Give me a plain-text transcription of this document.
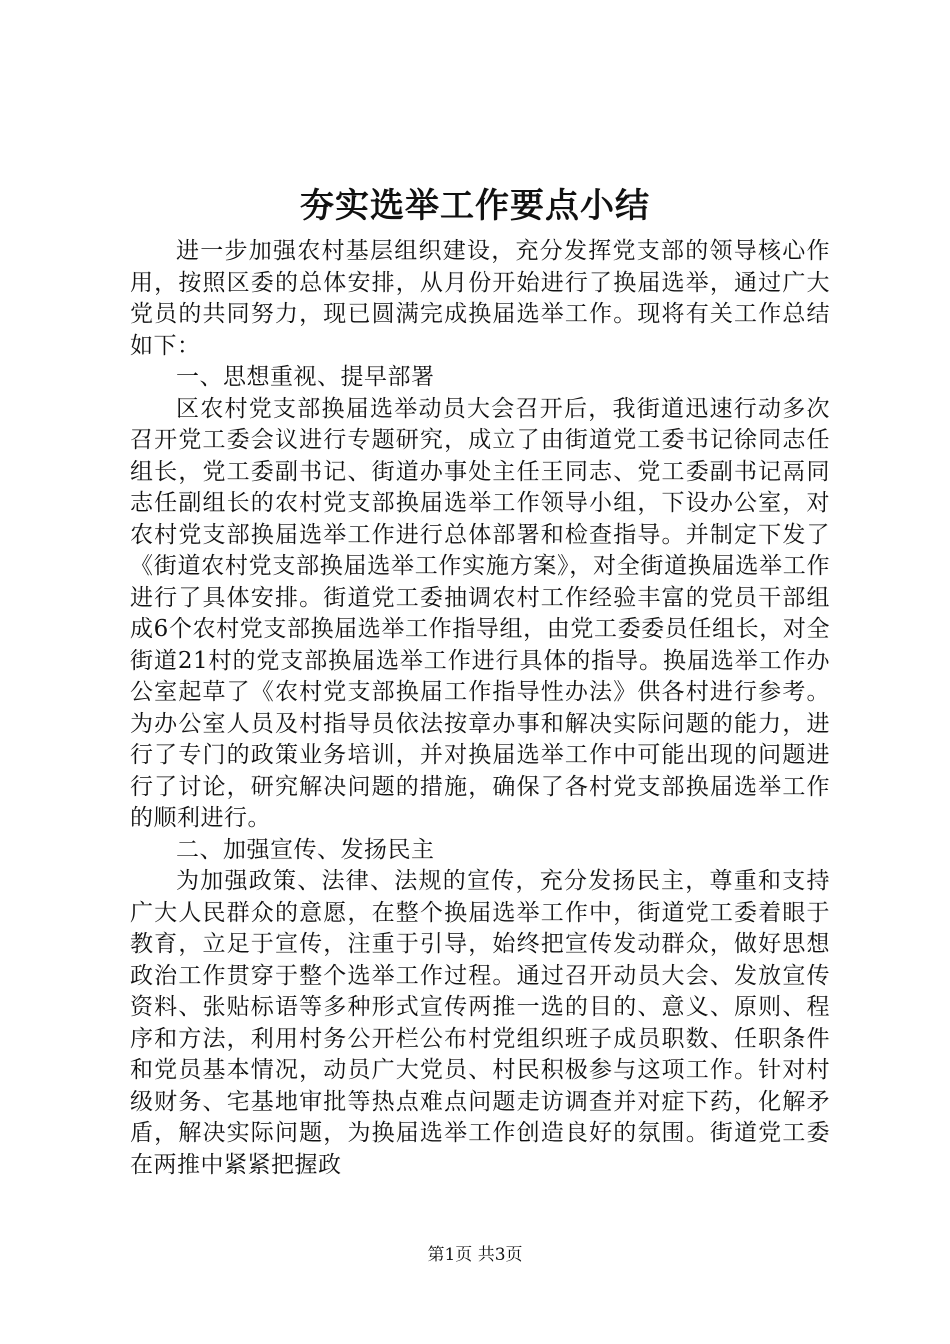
夯实选举工作要点小结

进一步加强农村基层组织建设，充分发挥党支部的领导核心作用，按照区委的总体安排，从月份开始进行了换届选举，通过广大党员的共同努力，现已圆满完成换届选举工作。现将有关工作总结如下：

一、思想重视、提早部署

区农村党支部换届选举动员大会召开后，我街道迅速行动多次召开党工委会议进行专题研究，成立了由街道党工委书记徐同志任组长，党工委副书记、街道办事处主任王同志、党工委副书记鬲同志任副组长的农村党支部换届选举工作领导小组，下设办公室，对农村党支部换届选举工作进行总体部署和检查指导。并制定下发了《街道农村党支部换届选举工作实施方案》，对全街道换届选举工作进行了具体安排。街道党工委抽调农村工作经验丰富的党员干部组成6个农村党支部换届选举工作指导组，由党工委委员任组长，对全街道21村的党支部换届选举工作进行具体的指导。换届选举工作办公室起草了《农村党支部换届工作指导性办法》供各村进行参考。为办公室人员及村指导员依法按章办事和解决实际问题的能力，进行了专门的政策业务培训，并对换届选举工作中可能出现的问题进行了讨论，研究解决问题的措施，确保了各村党支部换届选举工作的顺利进行。

二、加强宣传、发扬民主

为加强政策、法律、法规的宣传，充分发扬民主，尊重和支持广大人民群众的意愿，在整个换届选举工作中，街道党工委着眼于教育，立足于宣传，注重于引导，始终把宣传发动群众，做好思想政治工作贯穿于整个选举工作过程。通过召开动员大会、发放宣传资料、张贴标语等多种形式宣传两推一选的目的、意义、原则、程序和方法，利用村务公开栏公布村党组织班子成员职数、任职条件和党员基本情况，动员广大党员、村民积极参与这项工作。针对村级财务、宅基地审批等热点难点问题走访调查并对症下药，化解矛盾，解决实际问题，为换届选举工作创造良好的氛围。街道党工委在两推中紧紧把握政

第1页 共3页
